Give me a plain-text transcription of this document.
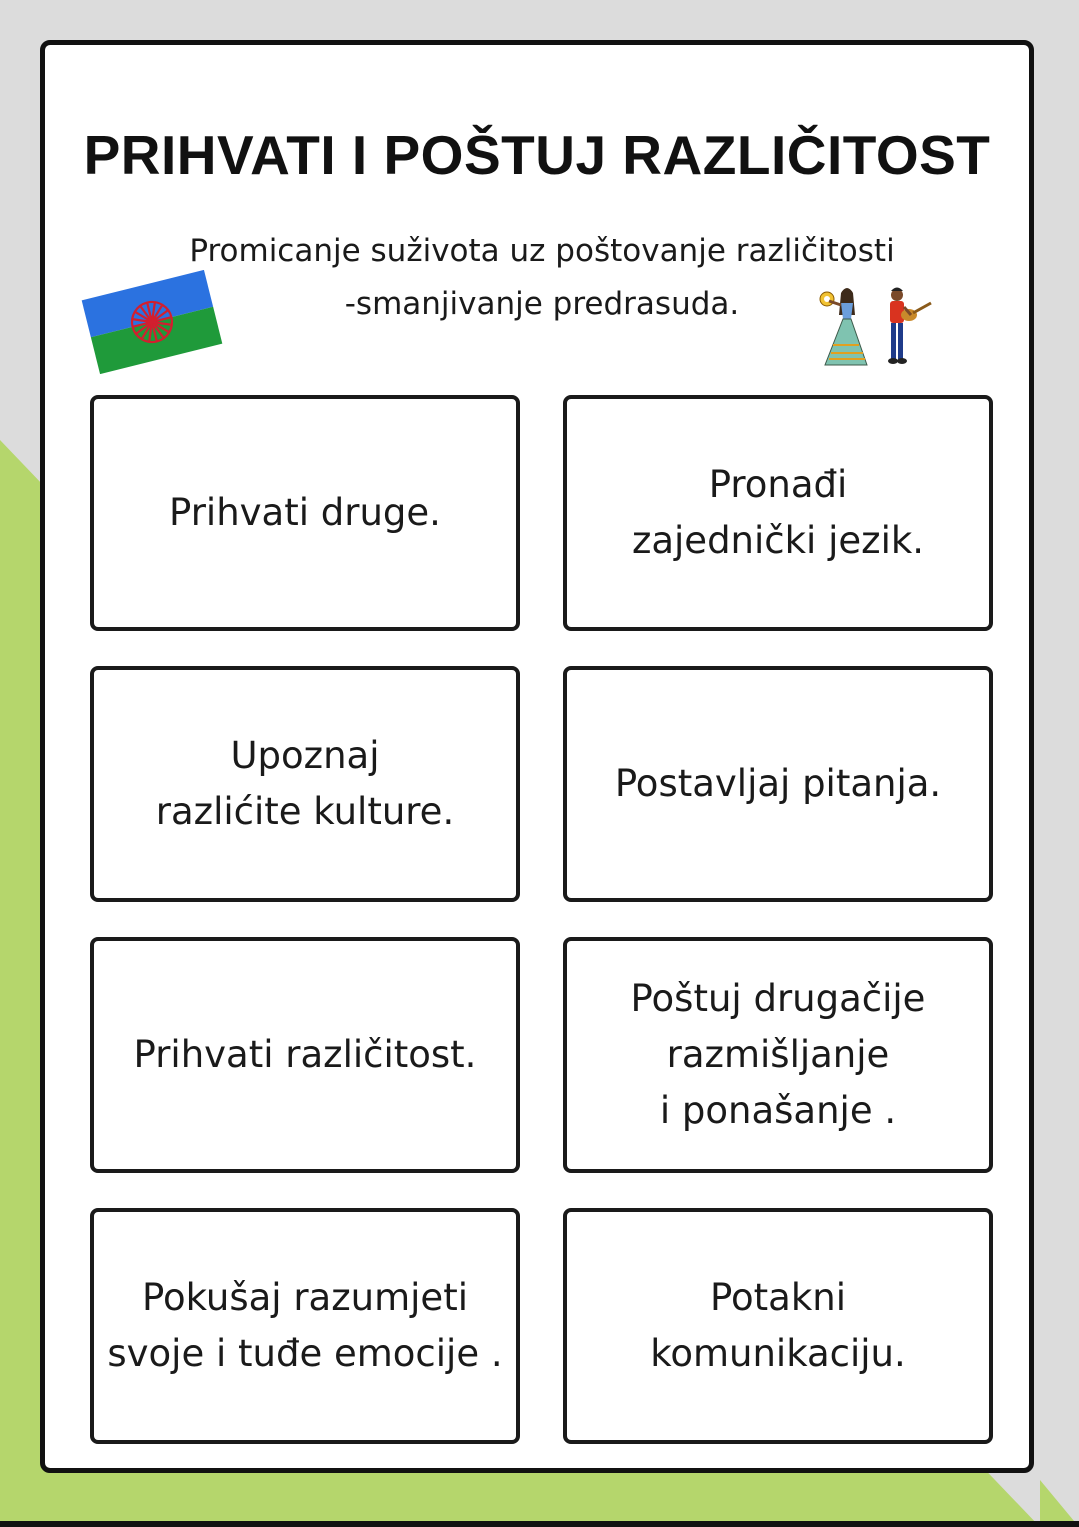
PRIHVATI I POŠTUJ RAZLIČITOST
Promicanje suživota uz poštovanje različitosti
-smanjivanje predrasuda.
Prihvati druge.
Pronađi
zajednički jezik.
Upoznaj
razlićite kulture.
Postavljaj pitanja.
Prihvati različitost.
Poštuj drugačije
razmišljanje
i ponašanje .
Pokušaj razumjeti
svoje i tuđe emocije .
Potakni
komunikaciju.
